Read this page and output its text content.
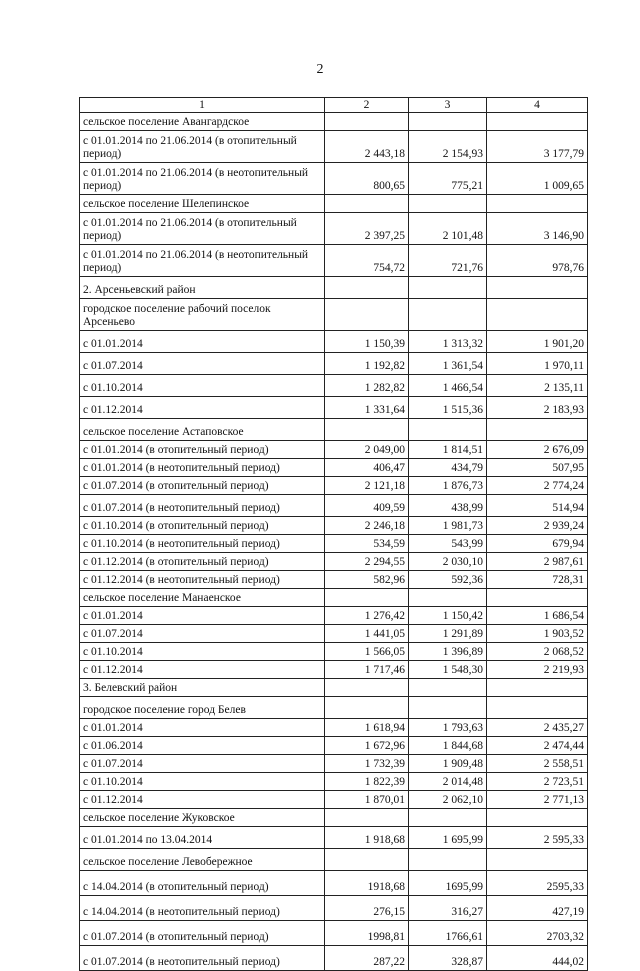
2
1	2	3	4
сельское поселение Авангардское			
с 01.01.2014 по 21.06.2014 (в отопительный период)	2 443,18	2 154,93	3 177,79
с 01.01.2014 по 21.06.2014 (в неотопительный период)	800,65	775,21	1 009,65
сельское поселение Шелепинское			
с 01.01.2014 по 21.06.2014 (в отопительный период)	2 397,25	2 101,48	3 146,90
с 01.01.2014 по 21.06.2014 (в неотопительный период)	754,72	721,76	978,76
2. Арсеньевский район			
городское поселение рабочий поселок Арсеньево			
с 01.01.2014	1 150,39	1 313,32	1 901,20
с 01.07.2014	1 192,82	1 361,54	1 970,11
с 01.10.2014	1 282,82	1 466,54	2 135,11
с 01.12.2014	1 331,64	1 515,36	2 183,93
сельское поселение Астаповское			
с 01.01.2014 (в отопительный период)	2 049,00	1 814,51	2 676,09
с 01.01.2014 (в неотопительный период)	406,47	434,79	507,95
с 01.07.2014 (в отопительный период)	2 121,18	1 876,73	2 774,24
с 01.07.2014 (в неотопительный период)	409,59	438,99	514,94
с 01.10.2014 (в отопительный период)	2 246,18	1 981,73	2 939,24
с 01.10.2014 (в неотопительный период)	534,59	543,99	679,94
с 01.12.2014 (в отопительный период)	2 294,55	2 030,10	2 987,61
с 01.12.2014 (в неотопительный период)	582,96	592,36	728,31
сельское поселение Манаенское			
с 01.01.2014	1 276,42	1 150,42	1 686,54
с 01.07.2014	1 441,05	1 291,89	1 903,52
с 01.10.2014	1 566,05	1 396,89	2 068,52
с 01.12.2014	1 717,46	1 548,30	2 219,93
3. Белевский район			
городское поселение город Белев			
с 01.01.2014	1 618,94	1 793,63	2 435,27
с 01.06.2014	1 672,96	1 844,68	2 474,44
с 01.07.2014	1 732,39	1 909,48	2 558,51
с 01.10.2014	1 822,39	2 014,48	2 723,51
с 01.12.2014	1 870,01	2 062,10	2 771,13
сельское поселение Жуковское			
с 01.01.2014 по 13.04.2014	1 918,68	1 695,99	2 595,33
сельское поселение Левобережное			
с 14.04.2014 (в отопительный период)	1918,68	1695,99	2595,33
с 14.04.2014 (в неотопительный период)	276,15	316,27	427,19
с 01.07.2014 (в отопительный период)	1998,81	1766,61	2703,32
с 01.07.2014 (в неотопительный период)	287,22	328,87	444,02
